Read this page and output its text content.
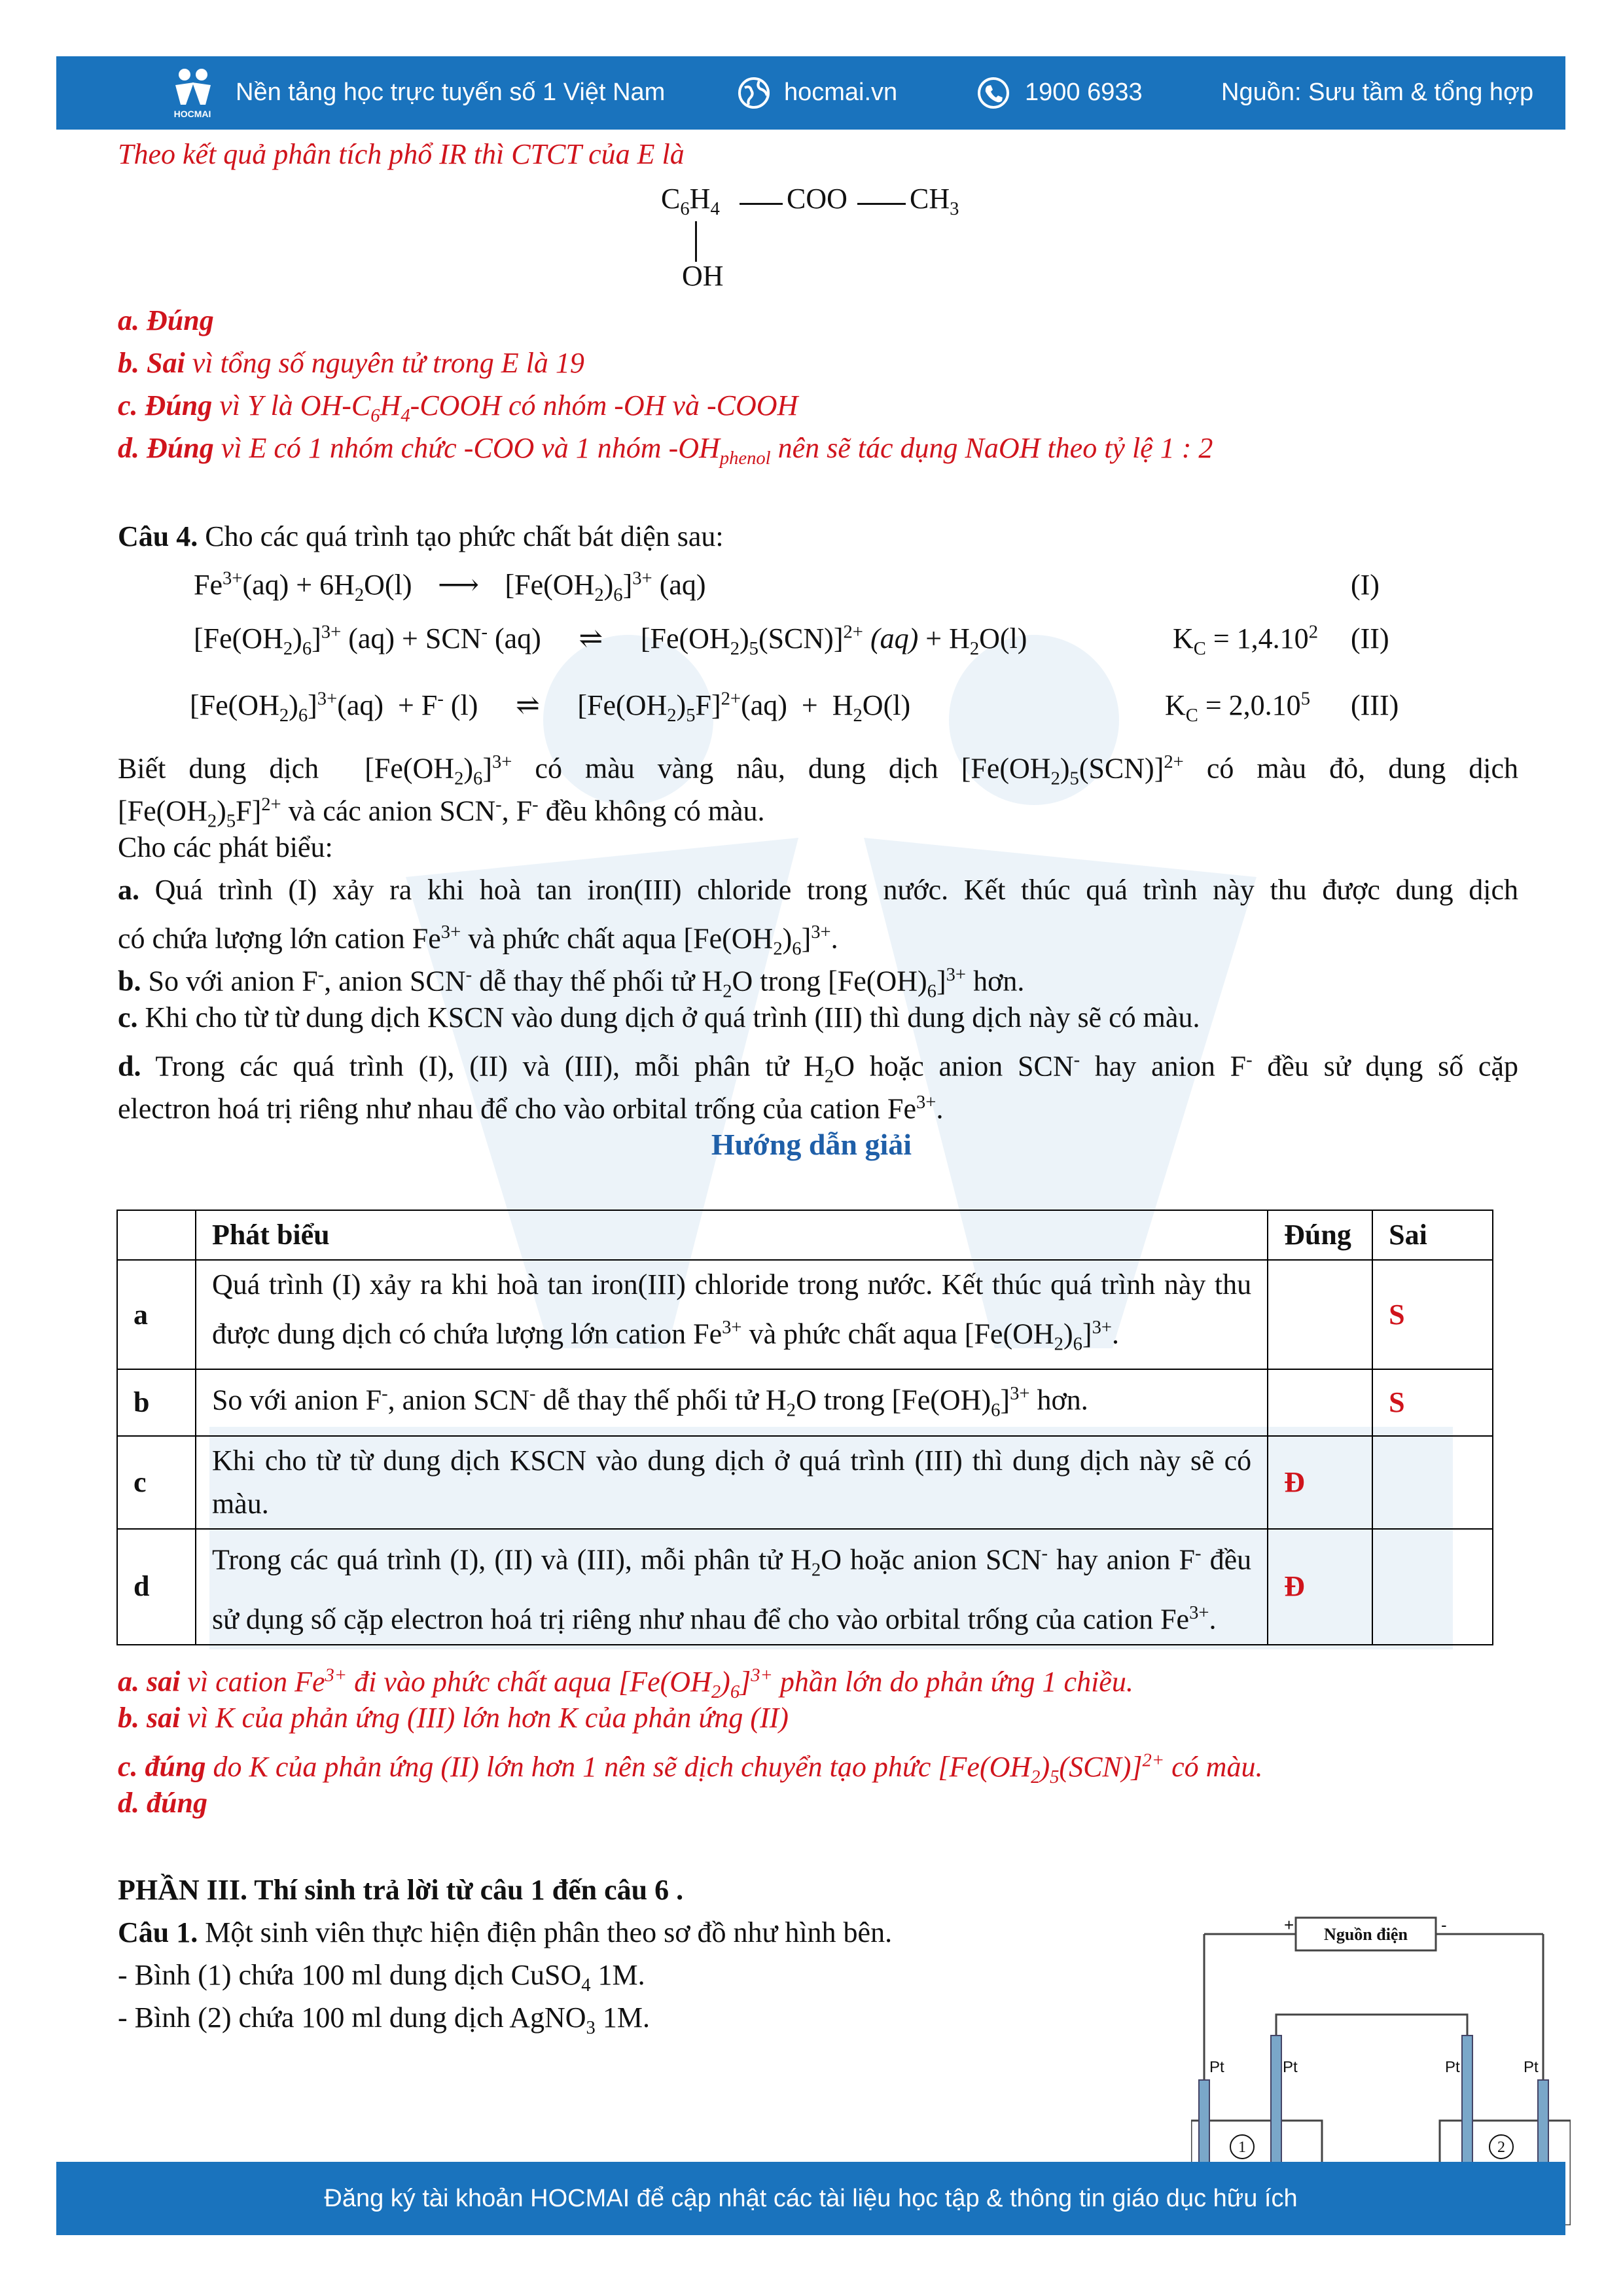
HOCMAI
Nền tảng học trực tuyến số 1 Việt Nam	hocmai.vn	1900 6933	Nguồn: Sưu tầm & tổng hợp
Theo kết quả phân tích phổ IR thì CTCT của E là
$C_6H_4$ COO $CH_3$
OH
a. Đúng
b. Sai vì tổng số nguyên tử trong E là 19
c. Đúng vì Y là $OH-C_6H_4$-COOH có nhóm -OH và -COOH
d. Đúng vì E có 1 nhóm chức -COO và 1 nhóm $-OH_{phenol}$ nên sẽ tác dụng NaOH theo tỷ lệ 1 : 2
Câu 4. Cho các quá trình tạo phức chất bát diện sau:
$Fe^{3+}(aq) + 6H_2O(l)$ ⟶ $[Fe(OH_2)_6]^{3+}$ (aq)	(I)
$[Fe(OH_2)_6]^{3+}$ (aq) + SCN- (aq) ⇌ $[Fe(OH_2)_5(SCN)]^{2+}$ $(aq) + H_2O(l)$	$K_C = 1,4.10^2$ (II)
$[Fe(OH_2)_6]^{3+}(aq) + F^-$ (l) ⇌ $[Fe(OH_2)_5F]^{2+}(aq) + H_2O(l)$	$K_C = 2,0.10^5$ (III)
Biết dung dịch  $[Fe(OH_2)_6]^{3+}$ có màu vàng nâu, dung dịch $[Fe(OH_2)_5(SCN)]^{2+}$ có màu đỏ, dung dịch
$[Fe(OH_2)_5F]^{2+}$ và các anion SCN-, F- đều không có màu.
Cho các phát biểu:
a. Quá trình (I) xảy ra khi hoà tan iron(III) chloride trong nước. Kết thúc quá trình này thu được dung dịch
có chứa lượng lớn cation $Fe^{3+}$ và phức chất aqua $[Fe(OH_2)_6]^{3+}$.
b. So với anion F-, anion SCN- dễ thay thế phối tử $H_2O$ trong $[Fe(OH)_6]^{3+}$ hơn.
c. Khi cho từ từ dung dịch KSCN vào dung dịch ở quá trình (III) thì dung dịch này sẽ có màu.
d. Trong các quá trình (I), (II) và (III), mỗi phân tử $H_2O$ hoặc anion SCN- hay anion F- đều sử dụng số cặp
electron hoá trị riêng như nhau để cho vào orbital trống của cation $Fe^{3+}$.
Hướng dẫn giải
	Phát biểu	Đúng	Sai
a	Quá trình (I) xảy ra khi hoà tan iron(III) chloride trong nước. Kết thúc quá trình này thu được dung dịch có chứa lượng lớn cation $Fe^{3+}$ và phức chất aqua $[Fe(OH_2)_6]^{3+}$.		S
b	So với anion F-, anion SCN- dễ thay thế phối tử $H_2O$ trong $[Fe(OH)_6]^{3+}$ hơn.		S
c	Khi cho từ từ dung dịch KSCN vào dung dịch ở quá trình (III) thì dung dịch này sẽ có màu.	Đ	
d	Trong các quá trình (I), (II) và (III), mỗi phân tử $H_2O$ hoặc anion SCN- hay anion F- đều sử dụng số cặp electron hoá trị riêng như nhau để cho vào orbital trống của cation $Fe^{3+}$.	Đ	
a. sai vì cation $Fe^{3+}$ đi vào phức chất aqua $[Fe(OH_2)_6]^{3+}$ phần lớn do phản ứng 1 chiều.
b. sai vì K của phản ứng (III) lớn hơn K của phản ứng (II)
c. đúng do K của phản ứng (II) lớn hơn 1 nên sẽ dịch chuyển tạo phức $[Fe(OH_2)_5(SCN)]^{2+}$ có màu.
d. đúng
PHẦN III. Thí sinh trả lời từ câu 1 đến câu 6 .
Câu 1. Một sinh viên thực hiện điện phân theo sơ đồ như hình bên.
- Bình (1) chứa 100 ml dung dịch CuSO$_4$ 1M.
- Bình (2) chứa 100 ml dung dịch AgNO$_3$ 1M.
Nguồn điện
+	-
Pt	Pt	Pt	Pt
1	2
Đăng ký tài khoản HOCMAI để cập nhật các tài liệu học tập & thông tin giáo dục hữu ích
